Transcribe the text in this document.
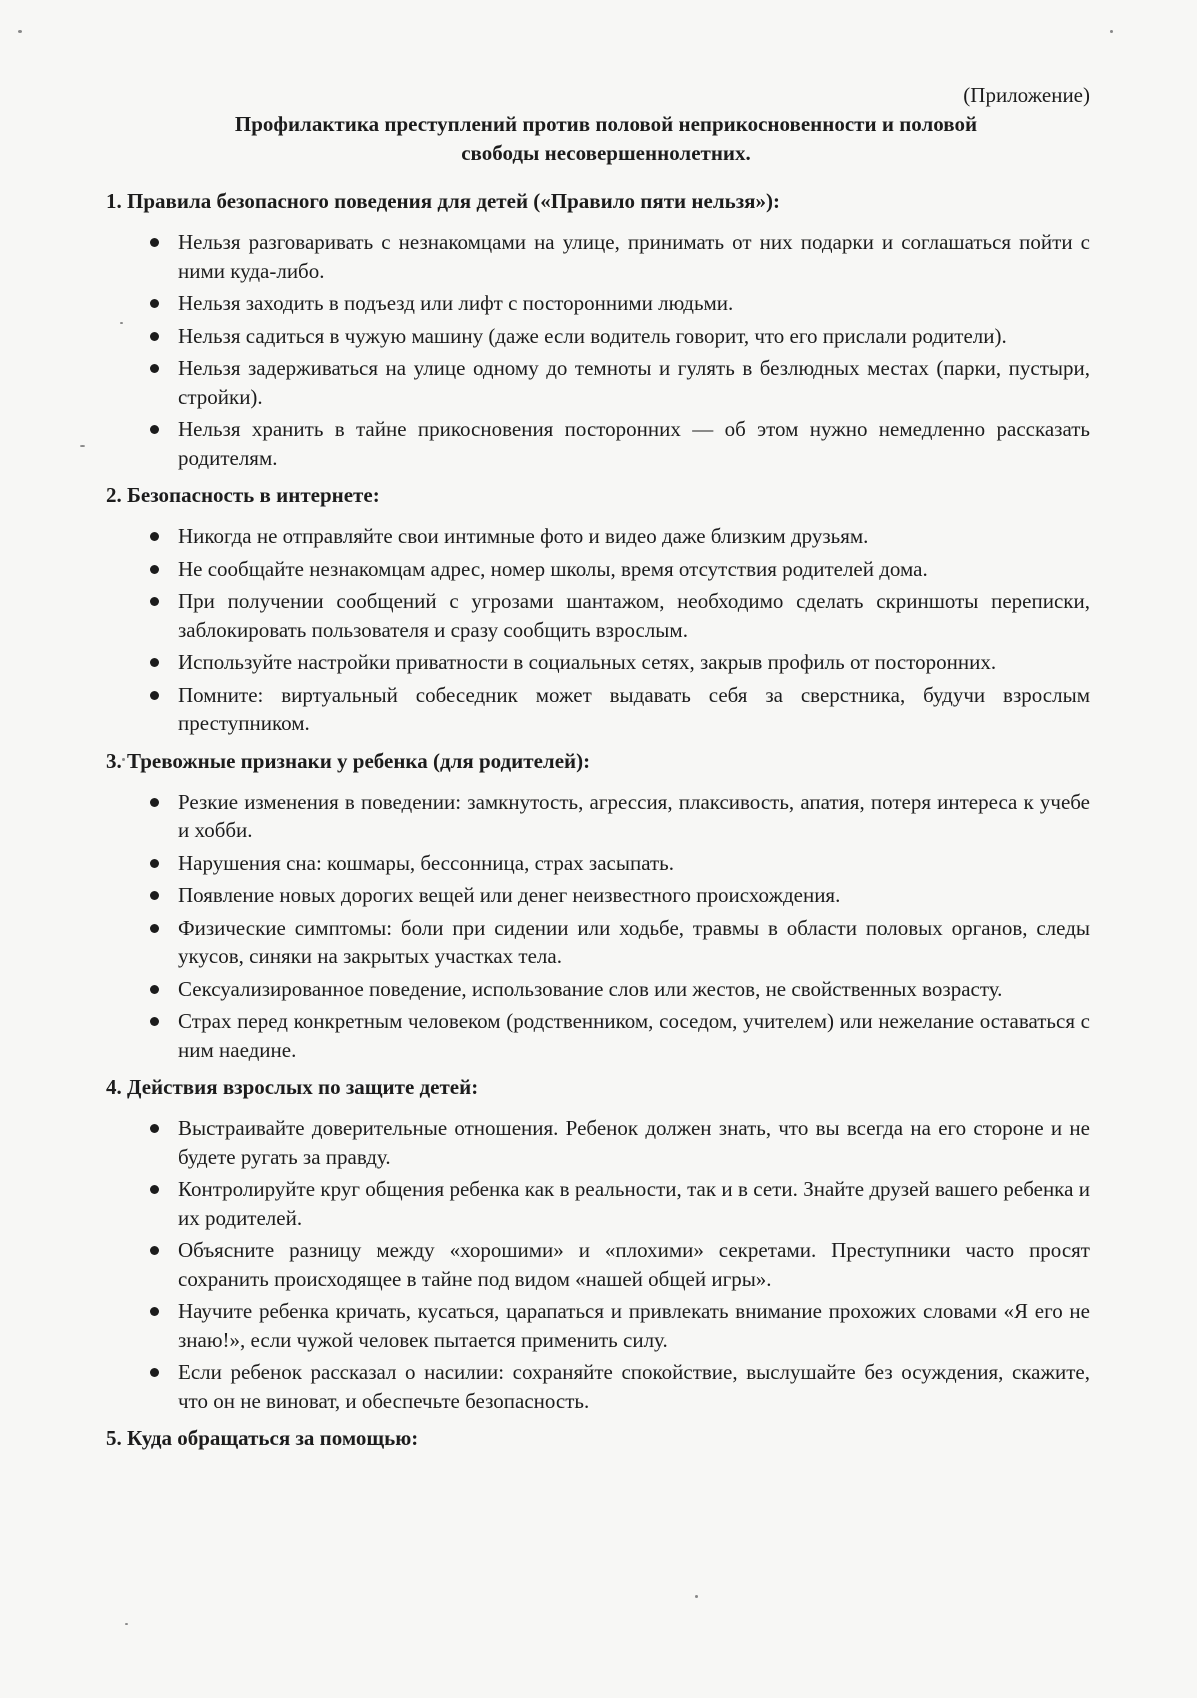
(Приложение)

Профилактика преступлений против половой неприкосновенности и половой свободы несовершеннолетних.
1. Правила безопасного поведения для детей («Правило пяти нельзя»):
Нельзя разговаривать с незнакомцами на улице, принимать от них подарки и соглашаться пойти с ними куда-либо.
Нельзя заходить в подъезд или лифт с посторонними людьми.
Нельзя садиться в чужую машину (даже если водитель говорит, что его прислали родители).
Нельзя задерживаться на улице одному до темноты и гулять в безлюдных местах (парки, пустыри, стройки).
Нельзя хранить в тайне прикосновения посторонних — об этом нужно немедленно рассказать родителям.
2. Безопасность в интернете:
Никогда не отправляйте свои интимные фото и видео даже близким друзьям.
Не сообщайте незнакомцам адрес, номер школы, время отсутствия родителей дома.
При получении сообщений с угрозами шантажом, необходимо сделать скриншоты переписки, заблокировать пользователя и сразу сообщить взрослым.
Используйте настройки приватности в социальных сетях, закрыв профиль от посторонних.
Помните: виртуальный собеседник может выдавать себя за сверстника, будучи взрослым преступником.
3. Тревожные признаки у ребенка (для родителей):
Резкие изменения в поведении: замкнутость, агрессия, плаксивость, апатия, потеря интереса к учебе и хобби.
Нарушения сна: кошмары, бессонница, страх засыпать.
Появление новых дорогих вещей или денег неизвестного происхождения.
Физические симптомы: боли при сидении или ходьбе, травмы в области половых органов, следы укусов, синяки на закрытых участках тела.
Сексуализированное поведение, использование слов или жестов, не свойственных возрасту.
Страх перед конкретным человеком (родственником, соседом, учителем) или нежелание оставаться с ним наедине.
4. Действия взрослых по защите детей:
Выстраивайте доверительные отношения. Ребенок должен знать, что вы всегда на его стороне и не будете ругать за правду.
Контролируйте круг общения ребенка как в реальности, так и в сети. Знайте друзей вашего ребенка и их родителей.
Объясните разницу между «хорошими» и «плохими» секретами. Преступники часто просят сохранить происходящее в тайне под видом «нашей общей игры».
Научите ребенка кричать, кусаться, царапаться и привлекать внимание прохожих словами «Я его не знаю!», если чужой человек пытается применить силу.
Если ребенок рассказал о насилии: сохраняйте спокойствие, выслушайте без осуждения, скажите, что он не виноват, и обеспечьте безопасность.
5. Куда обращаться за помощью:
